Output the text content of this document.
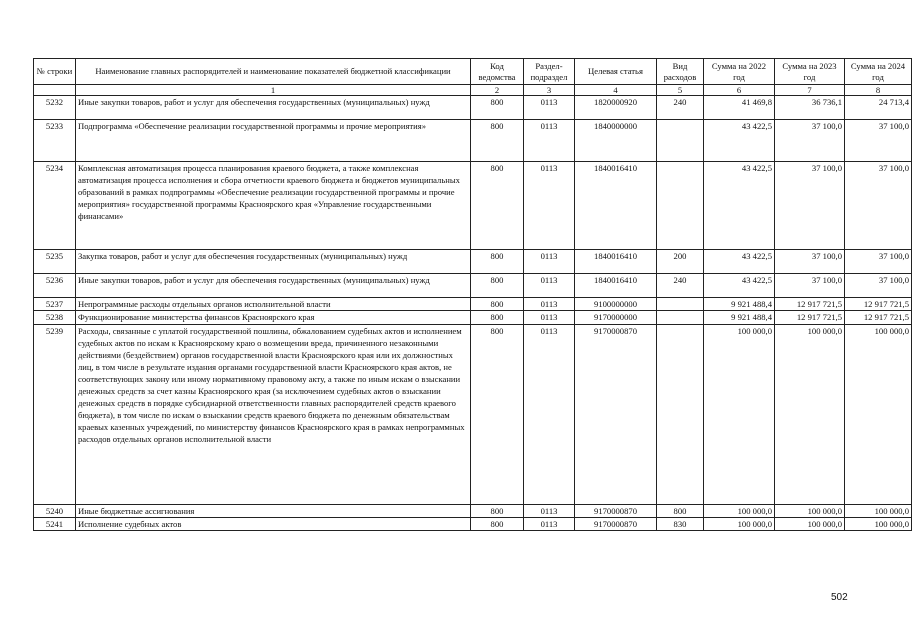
№ строки	Наименование главных распорядителей и наименование показателей бюджетной классификации	Код ведомства	Раздел-подраздел	Целевая статья	Вид расходов	Сумма на 2022 год	Сумма на 2023 год	Сумма на 2024 год
	1	2	3	4	5	6	7	8
5232	Иные закупки товаров, работ и услуг для обеспечения государственных (муниципальных) нужд	800	0113	1820000920	240	41 469,8	36 736,1	24 713,4
5233	Подпрограмма «Обеспечение реализации государственной программы и прочие мероприятия»	800	0113	1840000000		43 422,5	37 100,0	37 100,0
5234	Комплексная автоматизация процесса планирования краевого бюджета, а также комплексная автоматизация процесса исполнения и сбора отчетности краевого бюджета и бюджетов муниципальных образований в рамках подпрограммы «Обеспечение реализации государственной программы и прочие мероприятия» государственной программы Красноярского края «Управление государственными финансами»	800	0113	1840016410		43 422,5	37 100,0	37 100,0
5235	Закупка товаров, работ и услуг для обеспечения государственных (муниципальных) нужд	800	0113	1840016410	200	43 422,5	37 100,0	37 100,0
5236	Иные закупки товаров, работ и услуг для обеспечения государственных (муниципальных) нужд	800	0113	1840016410	240	43 422,5	37 100,0	37 100,0
5237	Непрограммные расходы отдельных органов исполнительной власти	800	0113	9100000000		9 921 488,4	12 917 721,5	12 917 721,5
5238	Функционирование министерства финансов Красноярского края	800	0113	9170000000		9 921 488,4	12 917 721,5	12 917 721,5
5239	Расходы, связанные с уплатой государственной пошлины, обжалованием судебных актов и исполнением судебных актов по искам к Красноярскому краю о возмещении вреда, причиненного незаконными действиями (бездействием) органов государственной власти Красноярского края или их должностных лиц, в том числе в результате издания органами государственной власти Красноярского края актов, не соответствующих закону или иному нормативному правовому акту, а также по иным искам о взыскании денежных средств за счет казны Красноярского края (за исключением судебных актов о взыскании денежных средств в порядке субсидиарной ответственности главных распорядителей средств краевого бюджета), в том числе по искам о взыскании средств краевого бюджета по денежным обязательствам краевых казенных учреждений, по министерству финансов Красноярского края в рамках непрограммных расходов отдельных органов исполнительной власти	800	0113	9170000870		100 000,0	100 000,0	100 000,0
5240	Иные бюджетные ассигнования	800	0113	9170000870	800	100 000,0	100 000,0	100 000,0
5241	Исполнение судебных актов	800	0113	9170000870	830	100 000,0	100 000,0	100 000,0
502
